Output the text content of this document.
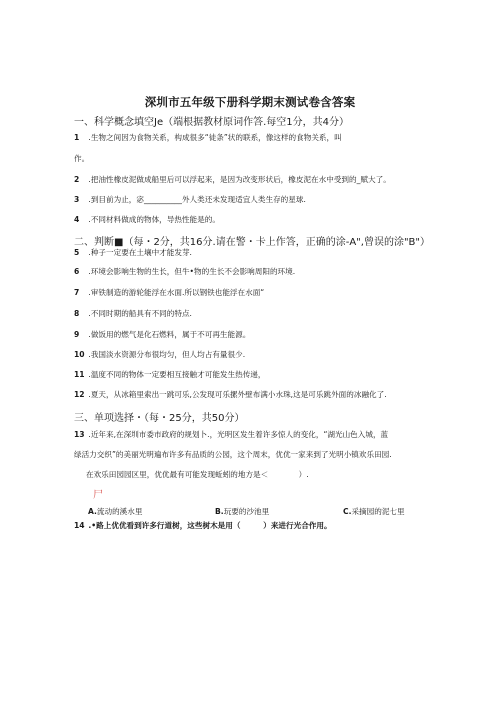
深圳市五年级下册科学期末测试卷含答案
一、科学概念填空Je（端根据教材原词作答.每空1分，共4分）
1 .生物之间因为食物关系，构成很多“徒条”状的联系，像这样的食物关系，叫
作。
2 .把油性橡皮泥做成船里后可以浮起来，是因为改变形状后，橡皮泥在水中受到的_赋大了。
3 .到目前为止，宓__________外人类还未发现适宜人类生存的星球.
4 .不同材料做成的物体，导热性能是的。
二、判断■（每・2分，共16分.请在警・卡上作答，正确的涂-A",曾误的涂"B"）
5 .种子一定要在土壤中才能发芽.
6 .环境会影响生物的生长，但牛•物的生长不会影响周阳的环境.
7 .审铁制造的游轮能浮在水面.所以钢铁也能浮在水面“
8 .不同时期的船具有不同的特点.
9 .做饭用的燃气是化石燃料，属于不可再生能源。
10 .我国淡水资源分布很均匀，但人均占有量很少.
11 .温度不同的物体一定要相互接触才可能发生热传递，
12 .夏天，从冰箱里索出一跳可乐,公发现可乐摞外壁布满小水珠,这是可乐跳外面的冰融化了.
三、单项选择・（每・25分，共50分）
13 .近年来,在深圳市委市政府的规划卜.，光明区发生着许多惊人的变化，“湖光山色入城，蓝
绿活力交织”的美丽光明遍布许多有品质的公园，这个周末，优优一家来到了光明小镇欢乐田园.
在欢乐田园园区里，优优最有可能发现蚯蚓的地方是＜　　　　）.
尸
A.流动的溪水里	B.玩要的沙池里	C.采摘园的泥七里
14 .•路上优优看到许多行道树，这些树木是用（　　　）来进行光合作用。
